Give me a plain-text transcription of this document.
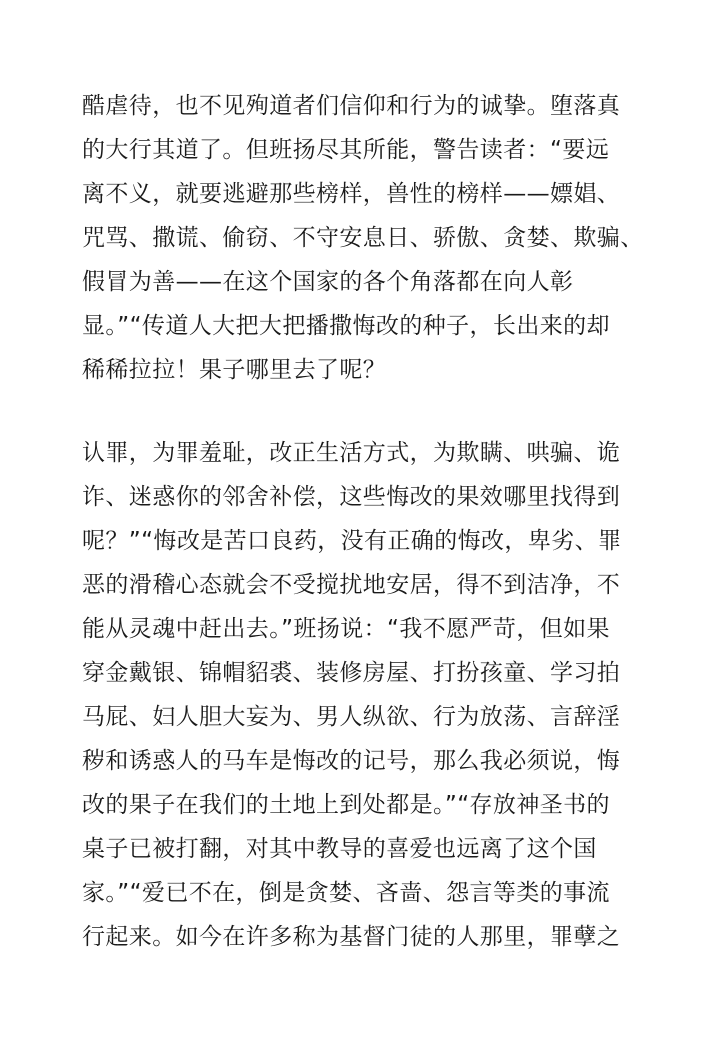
酷虐待，也不见殉道者们信仰和行为的诚挚。堕落真
的大行其道了。但班扬尽其所能，警告读者：“要远
离不义，就要逃避那些榜样，兽性的榜样——嫖娼、
咒骂、撒谎、偷窃、不守安息日、骄傲、贪婪、欺骗、
假冒为善——在这个国家的各个角落都在向人彰
显。”“传道人大把大把播撒悔改的种子，长出来的却
稀稀拉拉！果子哪里去了呢？
认罪，为罪羞耻，改正生活方式，为欺瞒、哄骗、诡
诈、迷惑你的邻舍补偿，这些悔改的果效哪里找得到
呢？”“悔改是苦口良药，没有正确的悔改，卑劣、罪
恶的滑稽心态就会不受搅扰地安居，得不到洁净，不
能从灵魂中赶出去。”班扬说：“我不愿严苛，但如果
穿金戴银、锦帽貂裘、装修房屋、打扮孩童、学习拍
马屁、妇人胆大妄为、男人纵欲、行为放荡、言辞淫
秽和诱惑人的马车是悔改的记号，那么我必须说，悔
改的果子在我们的土地上到处都是。”“存放神圣书的
桌子已被打翻，对其中教导的喜爱也远离了这个国
家。”“爱已不在，倒是贪婪、吝啬、怨言等类的事流
行起来。如今在许多称为基督门徒的人那里，罪孽之
